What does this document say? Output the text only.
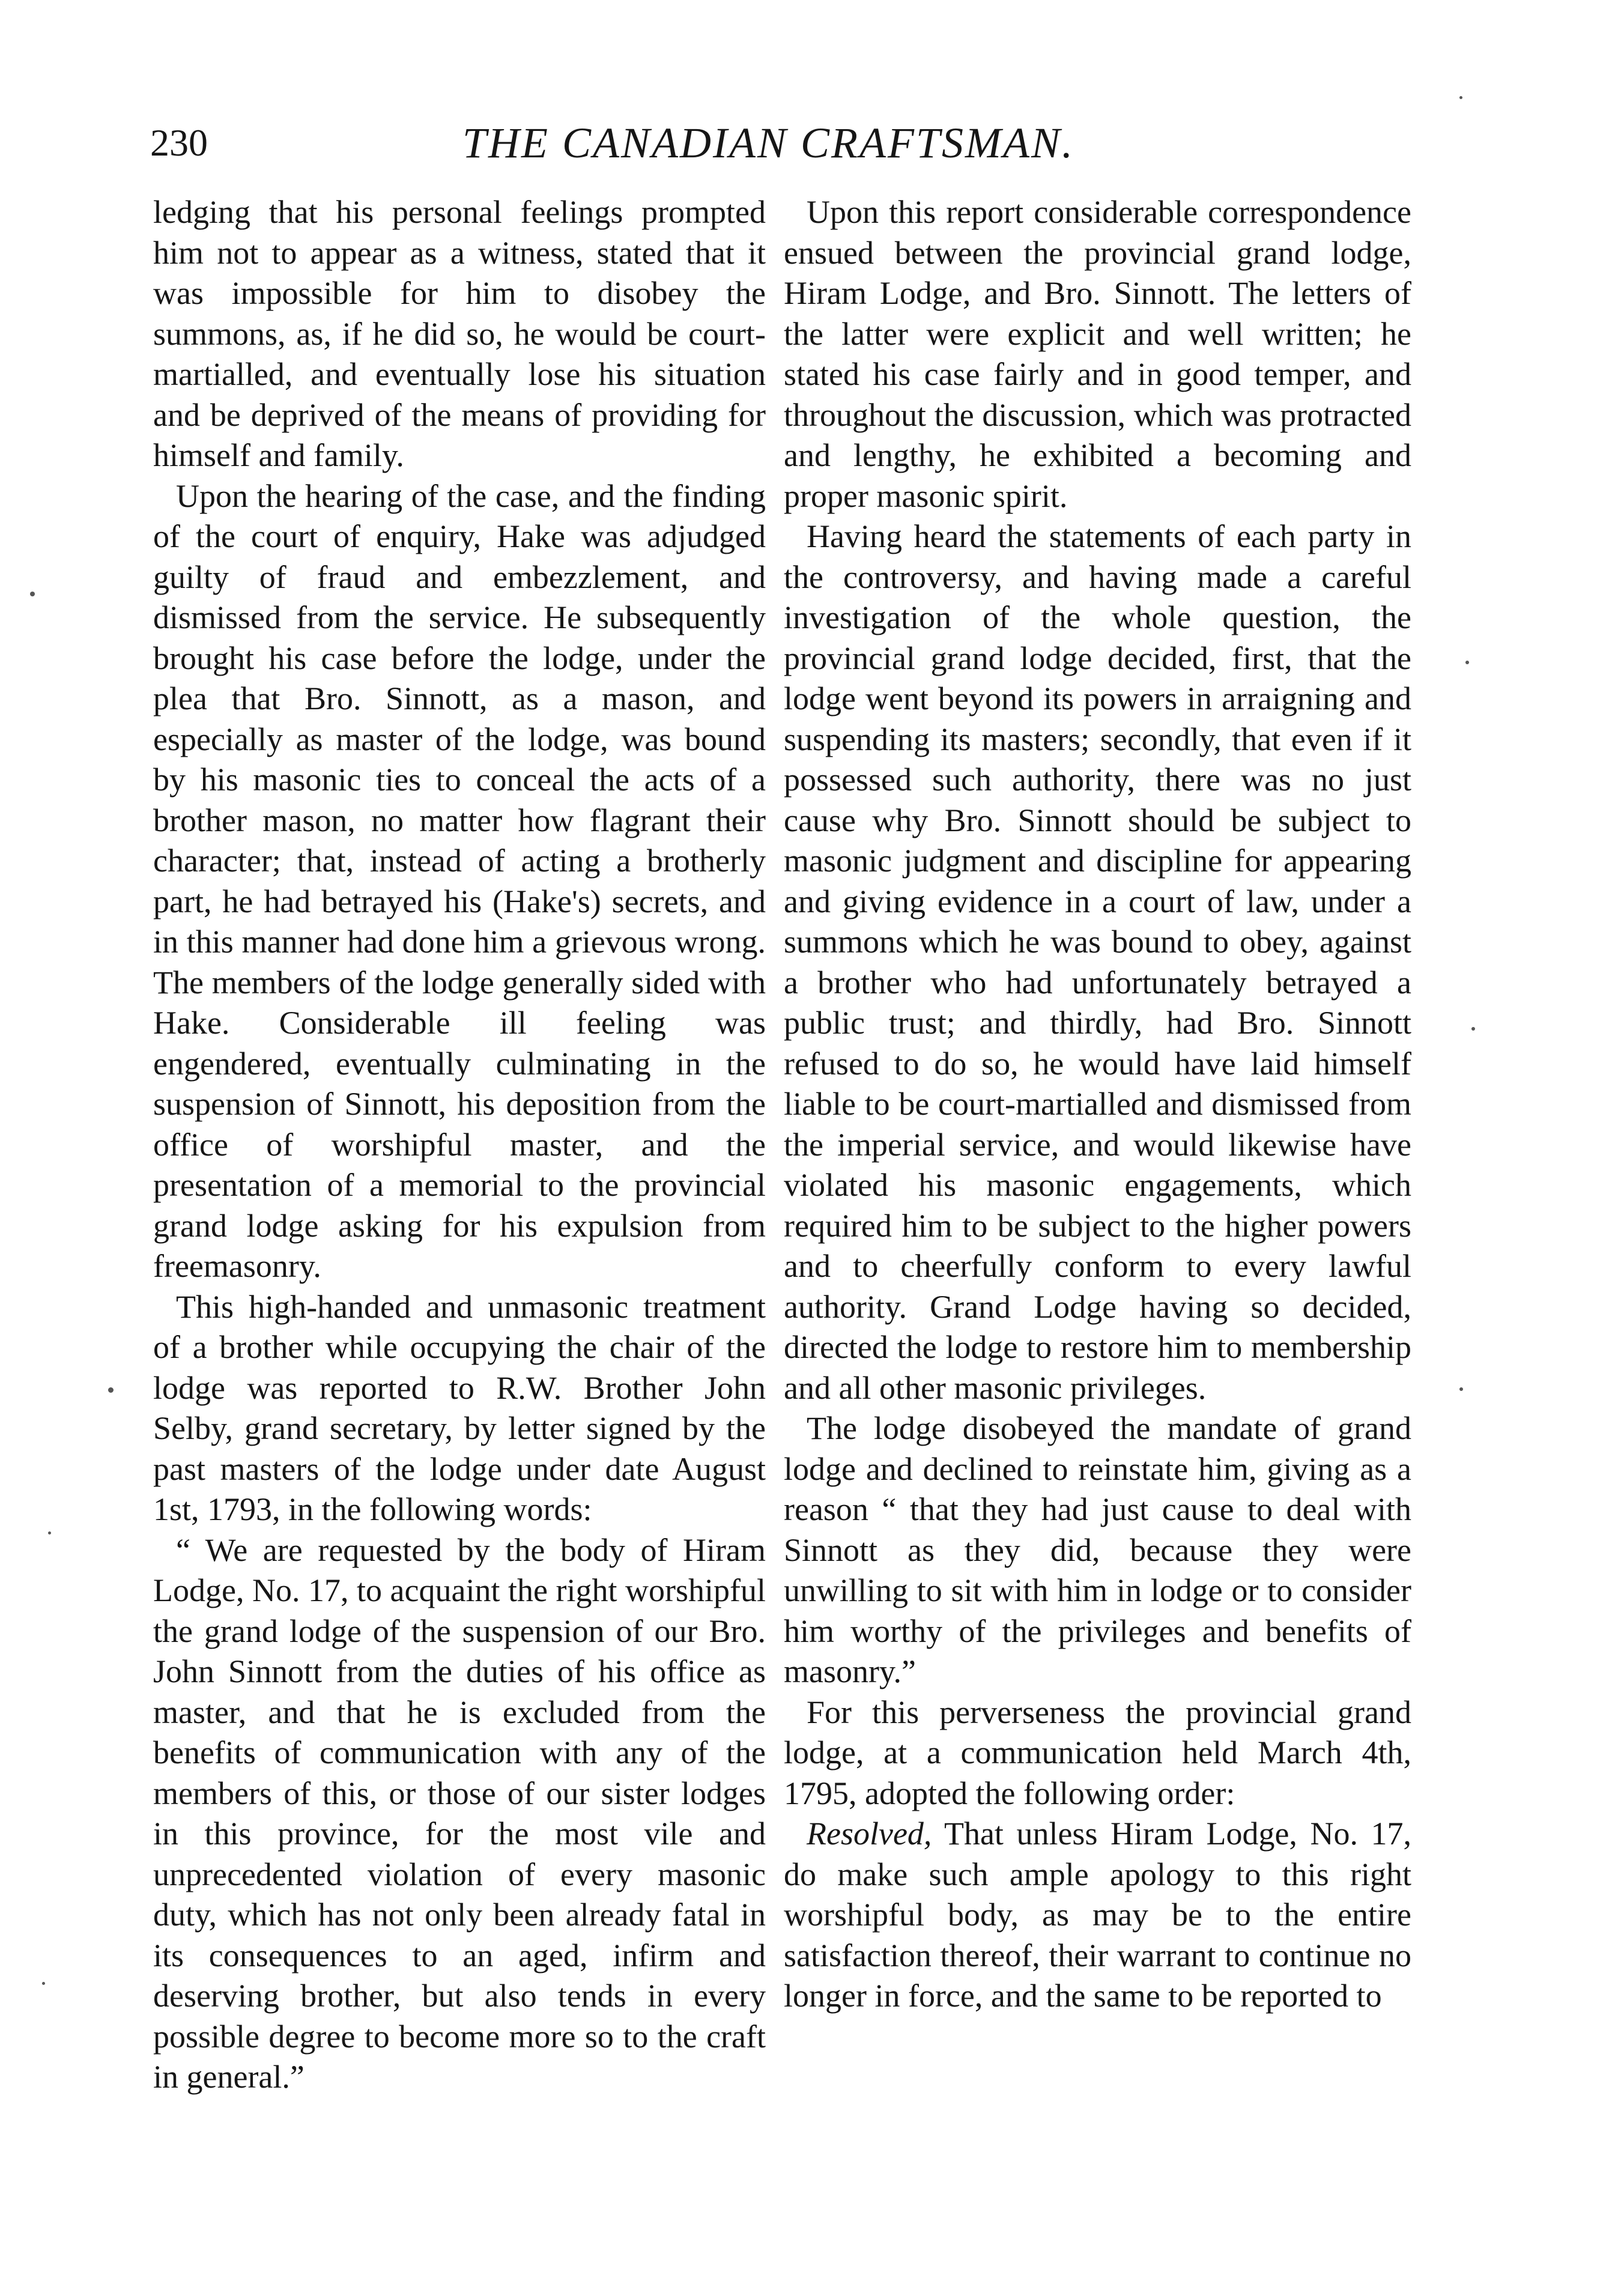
230	THE CANADIAN CRAFTSMAN.

ledging that his personal feelings prompted him not to appear as a witness, stated that it was impossible for him to disobey the summons, as, if he did so, he would be court-martialled, and eventually lose his situation and be deprived of the means of providing for himself and family.

Upon the hearing of the case, and the finding of the court of enquiry, Hake was adjudged guilty of fraud and embezzlement, and dismissed from the service. He subsequently brought his case before the lodge, under the plea that Bro. Sinnott, as a mason, and especially as master of the lodge, was bound by his masonic ties to conceal the acts of a brother mason, no matter how flagrant their character; that, instead of acting a brotherly part, he had betrayed his (Hake's) secrets, and in this manner had done him a grievous wrong. The members of the lodge generally sided with Hake. Considerable ill feeling was engendered, eventually culminating in the suspension of Sinnott, his deposition from the office of worshipful master, and the presentation of a memorial to the provincial grand lodge asking for his expulsion from freemasonry.

This high-handed and unmasonic treatment of a brother while occupying the chair of the lodge was reported to R.W. Brother John Selby, grand secretary, by letter signed by the past masters of the lodge under date August 1st, 1793, in the following words:

“ We are requested by the body of Hiram Lodge, No. 17, to acquaint the right worshipful the grand lodge of the suspension of our Bro. John Sinnott from the duties of his office as master, and that he is excluded from the benefits of communication with any of the members of this, or those of our sister lodges in this province, for the most vile and unprecedented violation of every masonic duty, which has not only been already fatal in its consequences to an aged, infirm and deserving brother, but also tends in every possible degree to become more so to the craft in general.”

Upon this report considerable correspondence ensued between the provincial grand lodge, Hiram Lodge, and Bro. Sinnott. The letters of the latter were explicit and well written; he stated his case fairly and in good temper, and throughout the discussion, which was protracted and lengthy, he exhibited a becoming and proper masonic spirit.

Having heard the statements of each party in the controversy, and having made a careful investigation of the whole question, the provincial grand lodge decided, first, that the lodge went beyond its powers in arraigning and suspending its masters; secondly, that even if it possessed such authority, there was no just cause why Bro. Sinnott should be subject to masonic judgment and discipline for appearing and giving evidence in a court of law, under a summons which he was bound to obey, against a brother who had unfortunately betrayed a public trust; and thirdly, had Bro. Sinnott refused to do so, he would have laid himself liable to be court-martialled and dismissed from the imperial service, and would likewise have violated his masonic engagements, which required him to be subject to the higher powers and to cheerfully conform to every lawful authority. Grand Lodge having so decided, directed the lodge to restore him to membership and all other masonic privileges.

The lodge disobeyed the mandate of grand lodge and declined to reinstate him, giving as a reason “ that they had just cause to deal with Sinnott as they did, because they were unwilling to sit with him in lodge or to consider him worthy of the privileges and benefits of masonry.”

For this perverseness the provincial grand lodge, at a communication held March 4th, 1795, adopted the following order:

Resolved, That unless Hiram Lodge, No. 17, do make such ample apology to this right worshipful body, as may be to the entire satisfaction thereof, their warrant to continue no longer in force, and the same to be reported to
